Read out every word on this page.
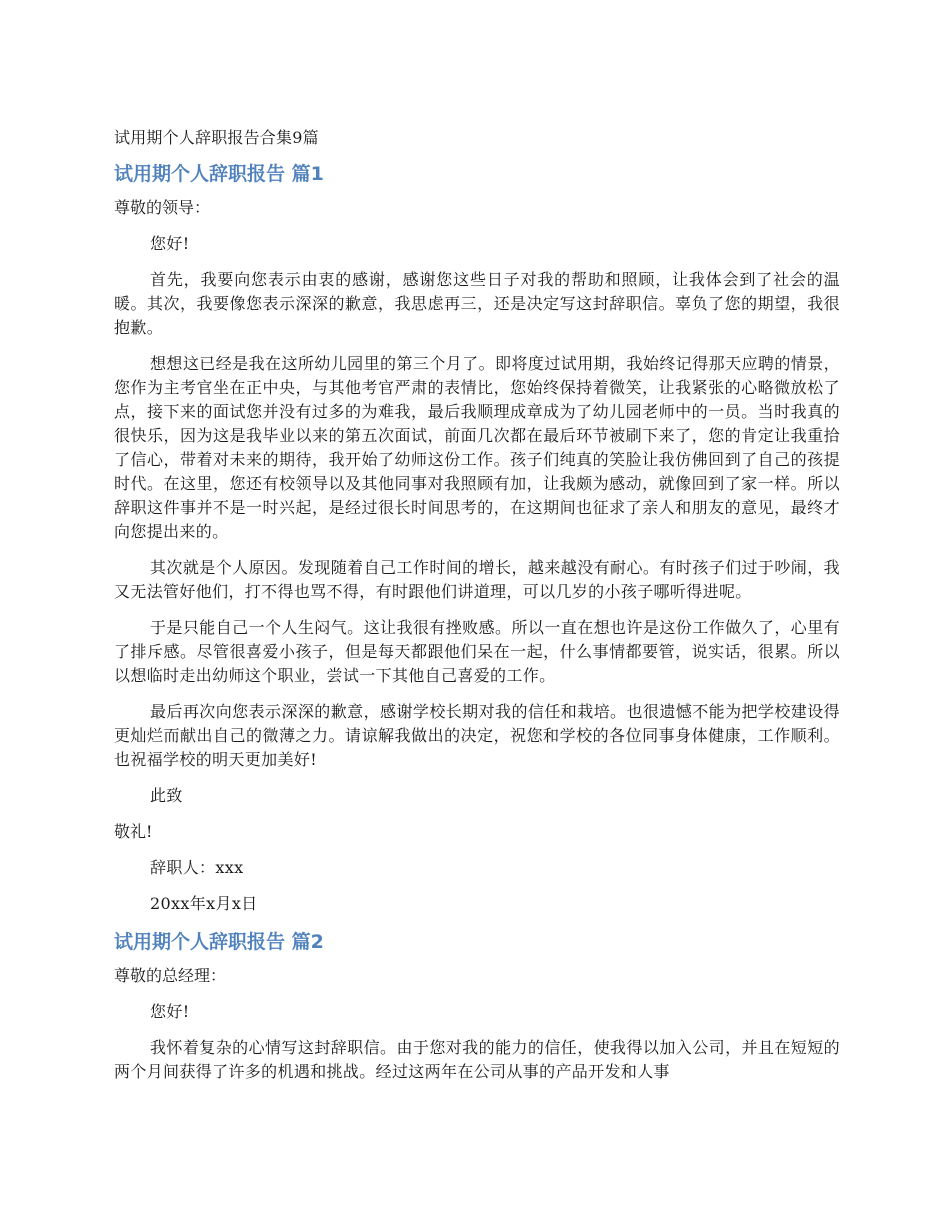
试用期个人辞职报告合集9篇
试用期个人辞职报告 篇1
尊敬的领导：
您好!
首先，我要向您表示由衷的感谢，感谢您这些日子对我的帮助和照顾，让我体会到了社会的温暖。其次，我要像您表示深深的歉意，我思虑再三，还是决定写这封辞职信。辜负了您的期望，我很抱歉。
想想这已经是我在这所幼儿园里的第三个月了。即将度过试用期，我始终记得那天应聘的情景，您作为主考官坐在正中央，与其他考官严肃的表情比，您始终保持着微笑，让我紧张的心略微放松了点，接下来的面试您并没有过多的为难我，最后我顺理成章成为了幼儿园老师中的一员。当时我真的很快乐，因为这是我毕业以来的第五次面试，前面几次都在最后环节被刷下来了，您的肯定让我重拾了信心，带着对未来的期待，我开始了幼师这份工作。孩子们纯真的笑脸让我仿佛回到了自己的孩提时代。在这里，您还有校领导以及其他同事对我照顾有加，让我颇为感动，就像回到了家一样。所以辞职这件事并不是一时兴起，是经过很长时间思考的，在这期间也征求了亲人和朋友的意见，最终才向您提出来的。
其次就是个人原因。发现随着自己工作时间的增长，越来越没有耐心。有时孩子们过于吵闹，我又无法管好他们，打不得也骂不得，有时跟他们讲道理，可以几岁的小孩子哪听得进呢。
于是只能自己一个人生闷气。这让我很有挫败感。所以一直在想也许是这份工作做久了，心里有了排斥感。尽管很喜爱小孩子，但是每天都跟他们呆在一起，什么事情都要管，说实话，很累。所以以想临时走出幼师这个职业，尝试一下其他自己喜爱的工作。
最后再次向您表示深深的歉意，感谢学校长期对我的信任和栽培。也很遗憾不能为把学校建设得更灿烂而献出自己的微薄之力。请谅解我做出的决定，祝您和学校的各位同事身体健康，工作顺利。也祝福学校的明天更加美好!
此致
敬礼!
辞职人：xxx
20xx年x月x日
试用期个人辞职报告 篇2
尊敬的总经理：
您好!
我怀着复杂的心情写这封辞职信。由于您对我的能力的信任，使我得以加入公司，并且在短短的两个月间获得了许多的机遇和挑战。经过这两年在公司从事的产品开发和人事
